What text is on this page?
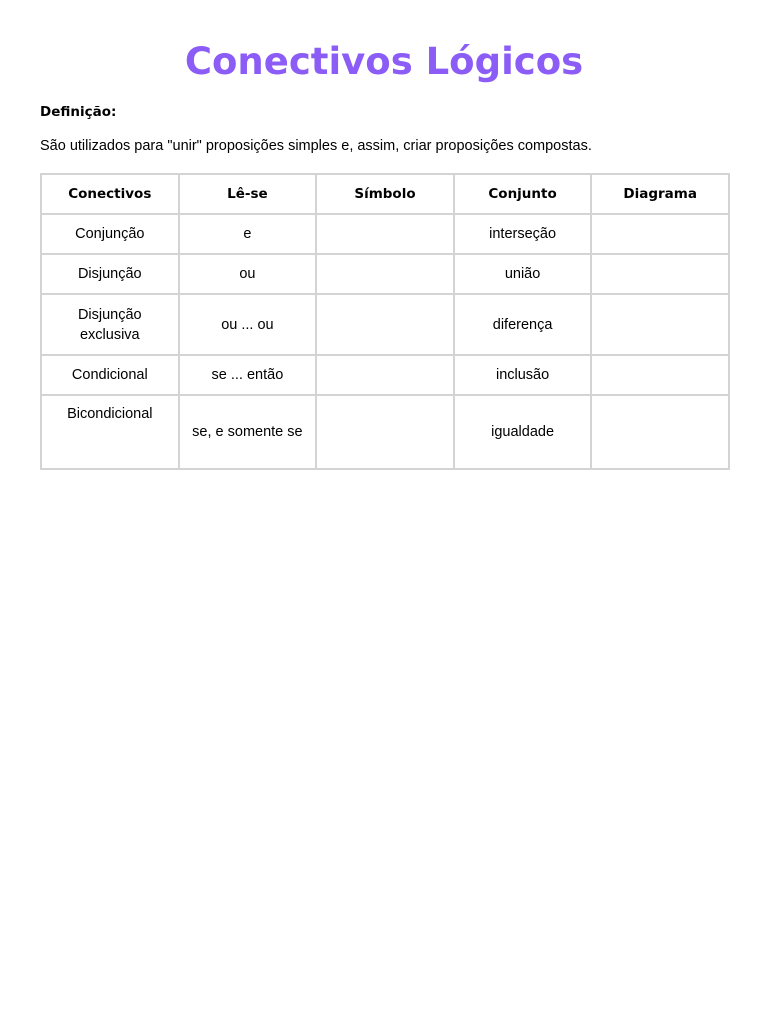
Conectivos Lógicos

Definição:

São utilizados para "unir" proposições simples e, assim, criar proposições compostas.

Conectivos	Lê-se	Símbolo	Conjunto	Diagrama
Conjunção	e		interseção	
Disjunção	ou		união	
Disjunção exclusiva	ou ... ou		diferença	
Condicional	se ... então		inclusão	
Bicondicional	se, e somente se		igualdade	
